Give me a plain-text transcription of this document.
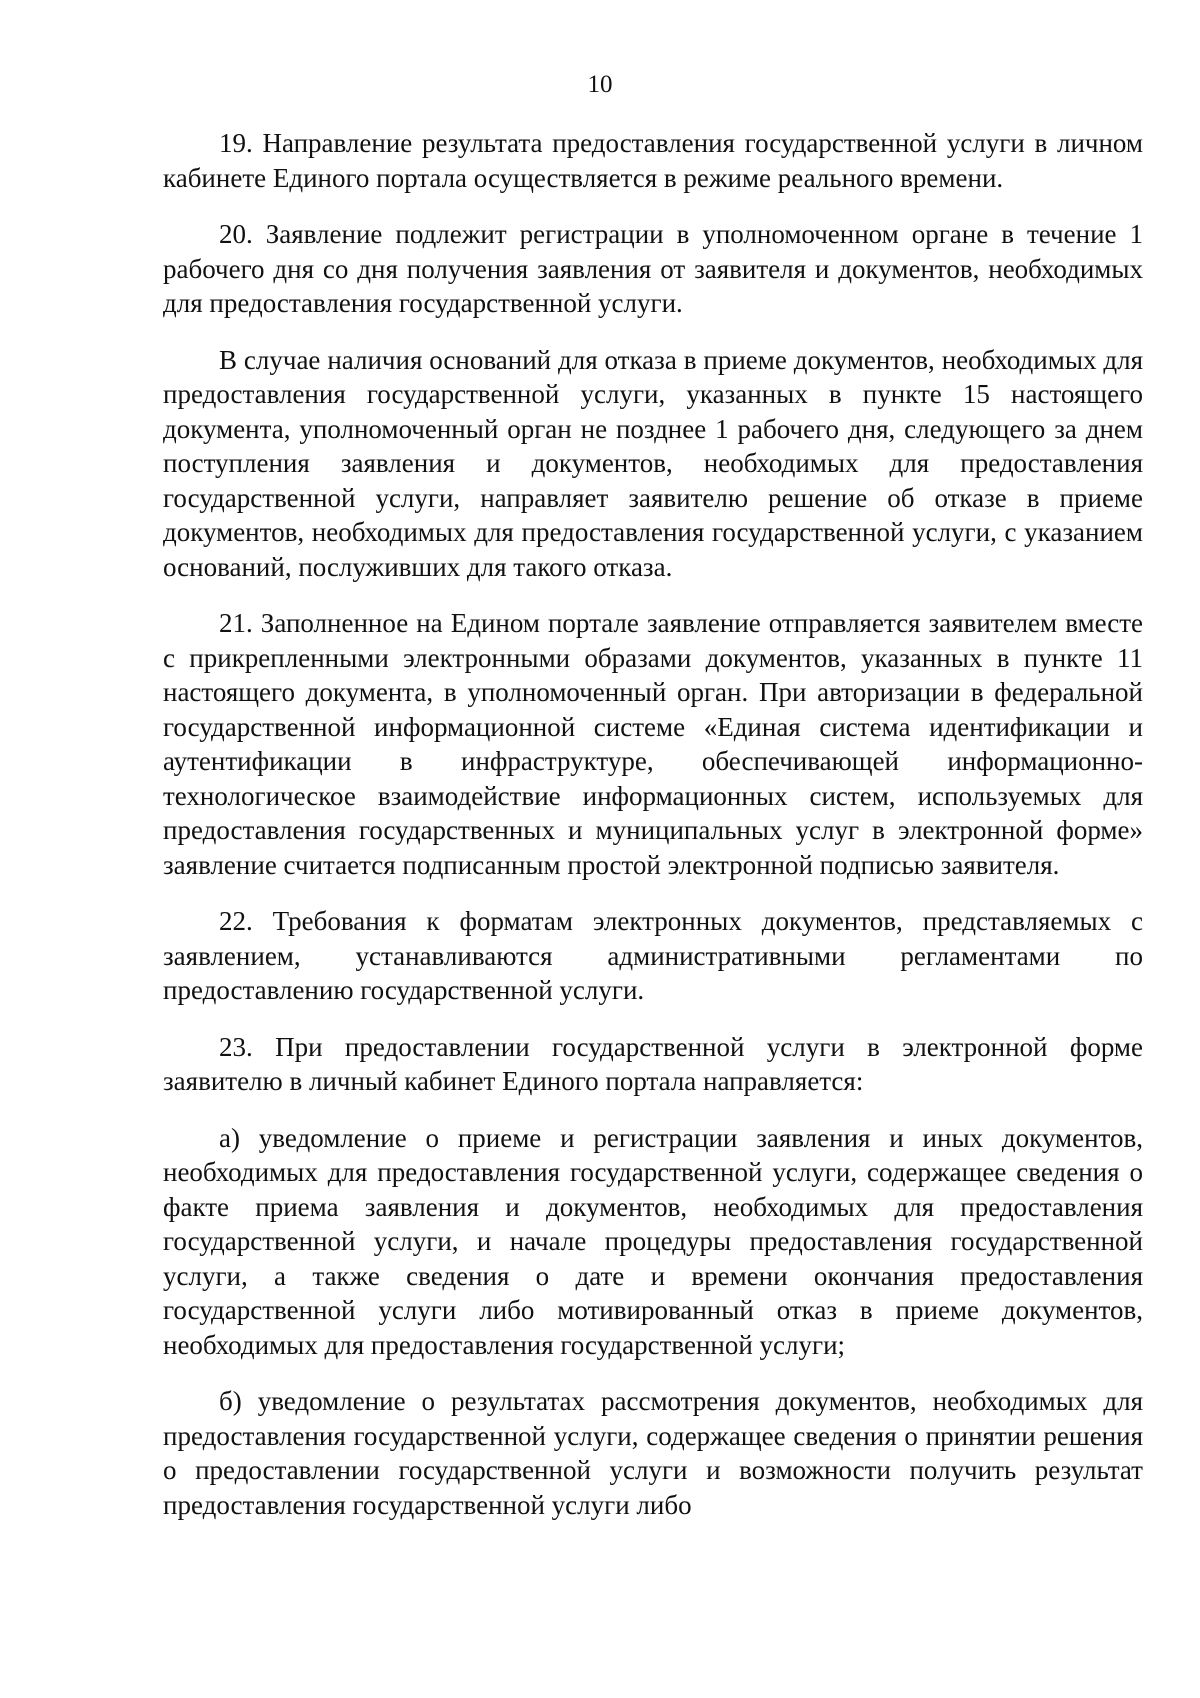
10

19. Направление результата предоставления государственной услуги в личном кабинете Единого портала осуществляется в режиме реального времени.

20. Заявление подлежит регистрации в уполномоченном органе в течение 1 рабочего дня со дня получения заявления от заявителя и документов, необходимых для предоставления государственной услуги.

В случае наличия оснований для отказа в приеме документов, необходимых для предоставления государственной услуги, указанных в пункте 15 настоящего документа, уполномоченный орган не позднее 1 рабочего дня, следующего за днем поступления заявления и документов, необходимых для предоставления государственной услуги, направляет заявителю решение об отказе в приеме документов, необходимых для предоставления государственной услуги, с указанием оснований, послуживших для такого отказа.

21. Заполненное на Едином портале заявление отправляется заявителем вместе с прикрепленными электронными образами документов, указанных в пункте 11 настоящего документа, в уполномоченный орган. При авторизации в федеральной государственной информационной системе «Единая система идентификации и аутентификации в инфраструктуре, обеспечивающей информационно-технологическое взаимодействие информационных систем, используемых для предоставления государственных и муниципальных услуг в электронной форме» заявление считается подписанным простой электронной подписью заявителя.

22. Требования к форматам электронных документов, представляемых с заявлением, устанавливаются административными регламентами по предоставлению государственной услуги.

23. При предоставлении государственной услуги в электронной форме заявителю в личный кабинет Единого портала направляется:

а) уведомление о приеме и регистрации заявления и иных документов, необходимых для предоставления государственной услуги, содержащее сведения о факте приема заявления и документов, необходимых для предоставления государственной услуги, и начале процедуры предоставления государственной услуги, а также сведения о дате и времени окончания предоставления государственной услуги либо мотивированный отказ в приеме документов, необходимых для предоставления государственной услуги;

б) уведомление о результатах рассмотрения документов, необходимых для предоставления государственной услуги, содержащее сведения о принятии решения о предоставлении государственной услуги и возможности получить результат предоставления государственной услуги либо
